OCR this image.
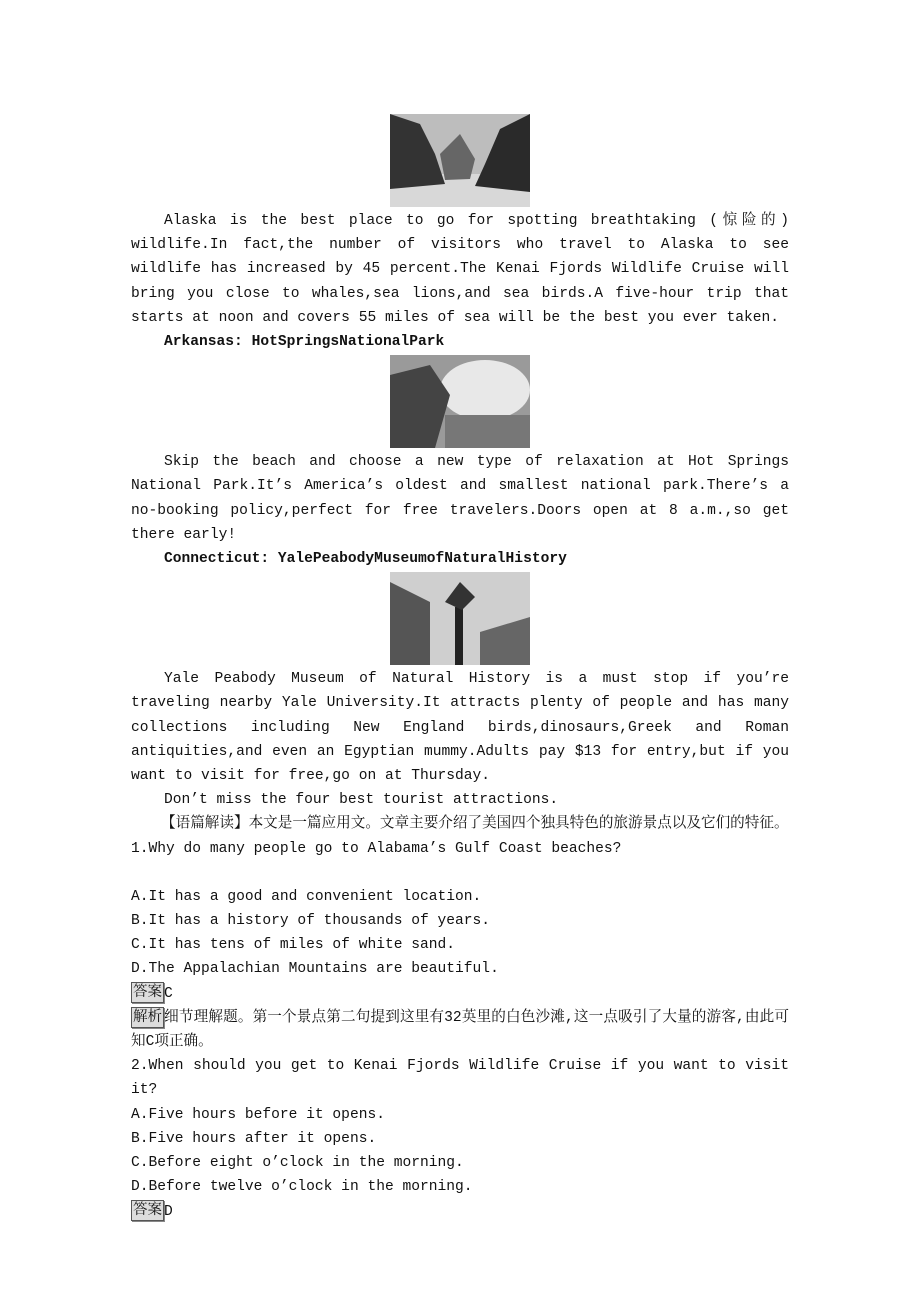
Alaska is the best place to go for spotting breathtaking (惊险的) wildlife.In fact,the number of visitors who travel to Alaska to see wildlife has increased by 45 percent.The Kenai Fjords Wildlife Cruise will bring you close to whales,sea lions,and sea birds.A five-hour trip that starts at noon and covers 55 miles of sea will be the best you ever taken.
Arkansas: HotSpringsNationalPark
Skip the beach and choose a new type of relaxation at Hot Springs National Park.It’s America’s oldest and smallest national park.There’s a no-booking policy,perfect for free travelers.Doors open at 8 a.m.,so get there early!
Connecticut: YalePeabodyMuseumofNaturalHistory
Yale Peabody Museum of Natural History is a must stop if you’re traveling nearby Yale University.It attracts plenty of people and has many collections including New England birds,dinosaurs,Greek and Roman antiquities,and even an Egyptian mummy.Adults pay $13 for entry,but if you want to visit for free,go on at Thursday.
Don’t miss the four best tourist attractions.
【语篇解读】本文是一篇应用文。文章主要介绍了美国四个独具特色的旅游景点以及它们的特征。
1.Why do many people go to Alabama’s Gulf Coast beaches?
A.It has a good and convenient location.
B.It has a history of thousands of years.
C.It has tens of miles of white sand.
D.The Appalachian Mountains are beautiful.
答案 C
解析 细节理解题。第一个景点第二句提到这里有32英里的白色沙滩,这一点吸引了大量的游客,由此可知C项正确。
2.When should you get to Kenai Fjords Wildlife Cruise if you want to visit it?
A.Five hours before it opens.
B.Five hours after it opens.
C.Before eight o’clock in the morning.
D.Before twelve o’clock in the morning.
答案 D
